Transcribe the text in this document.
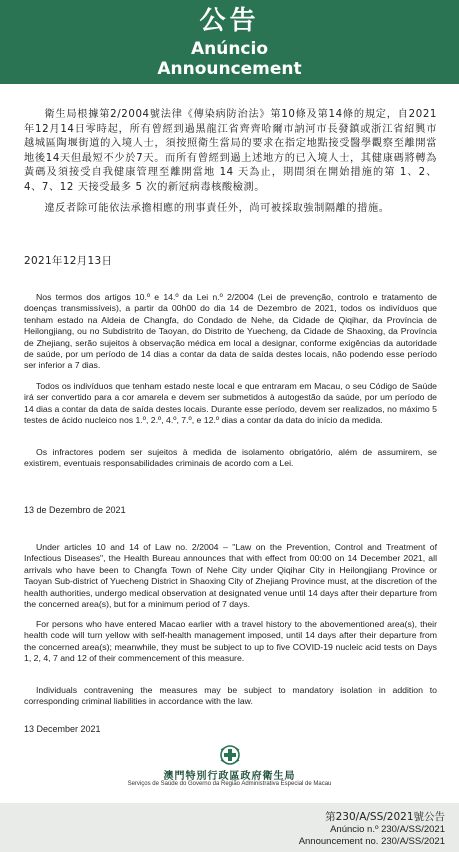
公告
Anúncio
Announcement

衛生局根據第2/2004號法律《傳染病防治法》第10條及第14條的規定，自2021年12月14日零時起，所有曾經到過黑龍江省齊齊哈爾市訥河市長發鎮或浙江省紹興市越城區陶堰街道的入境人士，須按照衛生當局的要求在指定地點接受醫學觀察至離開當地後14天但最短不少於7天。而所有曾經到過上述地方的已入境人士，其健康碼將轉為黃碼及須接受自我健康管理至離開當地 14 天為止，期間須在開始措施的第 1、2、4、7、12 天接受最多 5 次的新冠病毒核酸檢測。

違反者除可能依法承擔相應的刑事責任外，尚可被採取強制隔離的措施。

2021年12月13日

Nos termos dos artigos 10.º e 14.º da Lei n.º 2/2004 (Lei de prevenção, controlo e tratamento de doenças transmissíveis), a partir da 00h00 do dia 14 de Dezembro de 2021, todos os indivíduos que tenham estado na Aldeia de Changfa, do Condado de Nehe, da Cidade de Qiqihar, da Província de Heilongjiang, ou no Subdistrito de Taoyan, do Distrito de Yuecheng, da Cidade de Shaoxing, da Província de Zhejiang, serão sujeitos à observação médica em local a designar, conforme exigências da autoridade de saúde, por um período de 14 dias a contar da data de saída destes locais, não podendo esse período ser inferior a 7 dias.

Todos os indivíduos que tenham estado neste local e que entraram em Macau, o seu Código de Saúde irá ser convertido para a cor amarela e devem ser submetidos à autogestão da saúde, por um período de 14 dias a contar da data de saída destes locais. Durante esse período, devem ser realizados, no máximo 5 testes de ácido nucleico nos 1.º, 2.º, 4.º, 7.º, e 12.º dias a contar da data do início da medida.

Os infractores podem ser sujeitos à medida de isolamento obrigatório, além de assumirem, se existirem, eventuais responsabilidades criminais de acordo com a Lei.

13 de Dezembro de 2021

Under articles 10 and 14 of Law no. 2/2004 – "Law on the Prevention, Control and Treatment of Infectious Diseases", the Health Bureau announces that with effect from 00:00 on 14 December 2021, all arrivals who have been to Changfa Town of Nehe City under Qiqihar City in Heilongjiang Province or Taoyan Sub-district of Yuecheng District in Shaoxing City of Zhejiang Province must, at the discretion of the health authorities, undergo medical observation at designated venue until 14 days after their departure from the concerned area(s), but for a minimum period of 7 days.

For persons who have entered Macao earlier with a travel history to the abovementioned area(s), their health code will turn yellow with self-health management imposed, until 14 days after their departure from the concerned area(s); meanwhile, they must be subject to up to five COVID-19 nucleic acid tests on Days 1, 2, 4, 7 and 12 of their commencement of this measure.

Individuals contravening the measures may be subject to mandatory isolation in addition to corresponding criminal liabilities in accordance with the law.

13 December 2021
澳門特別行政區政府衛生局
Serviços de Saúde do Governo da Região Administrativa Especial de Macau
第230/A/SS/2021號公告
Anúncio n.º 230/A/SS/2021
Announcement no. 230/A/SS/2021
